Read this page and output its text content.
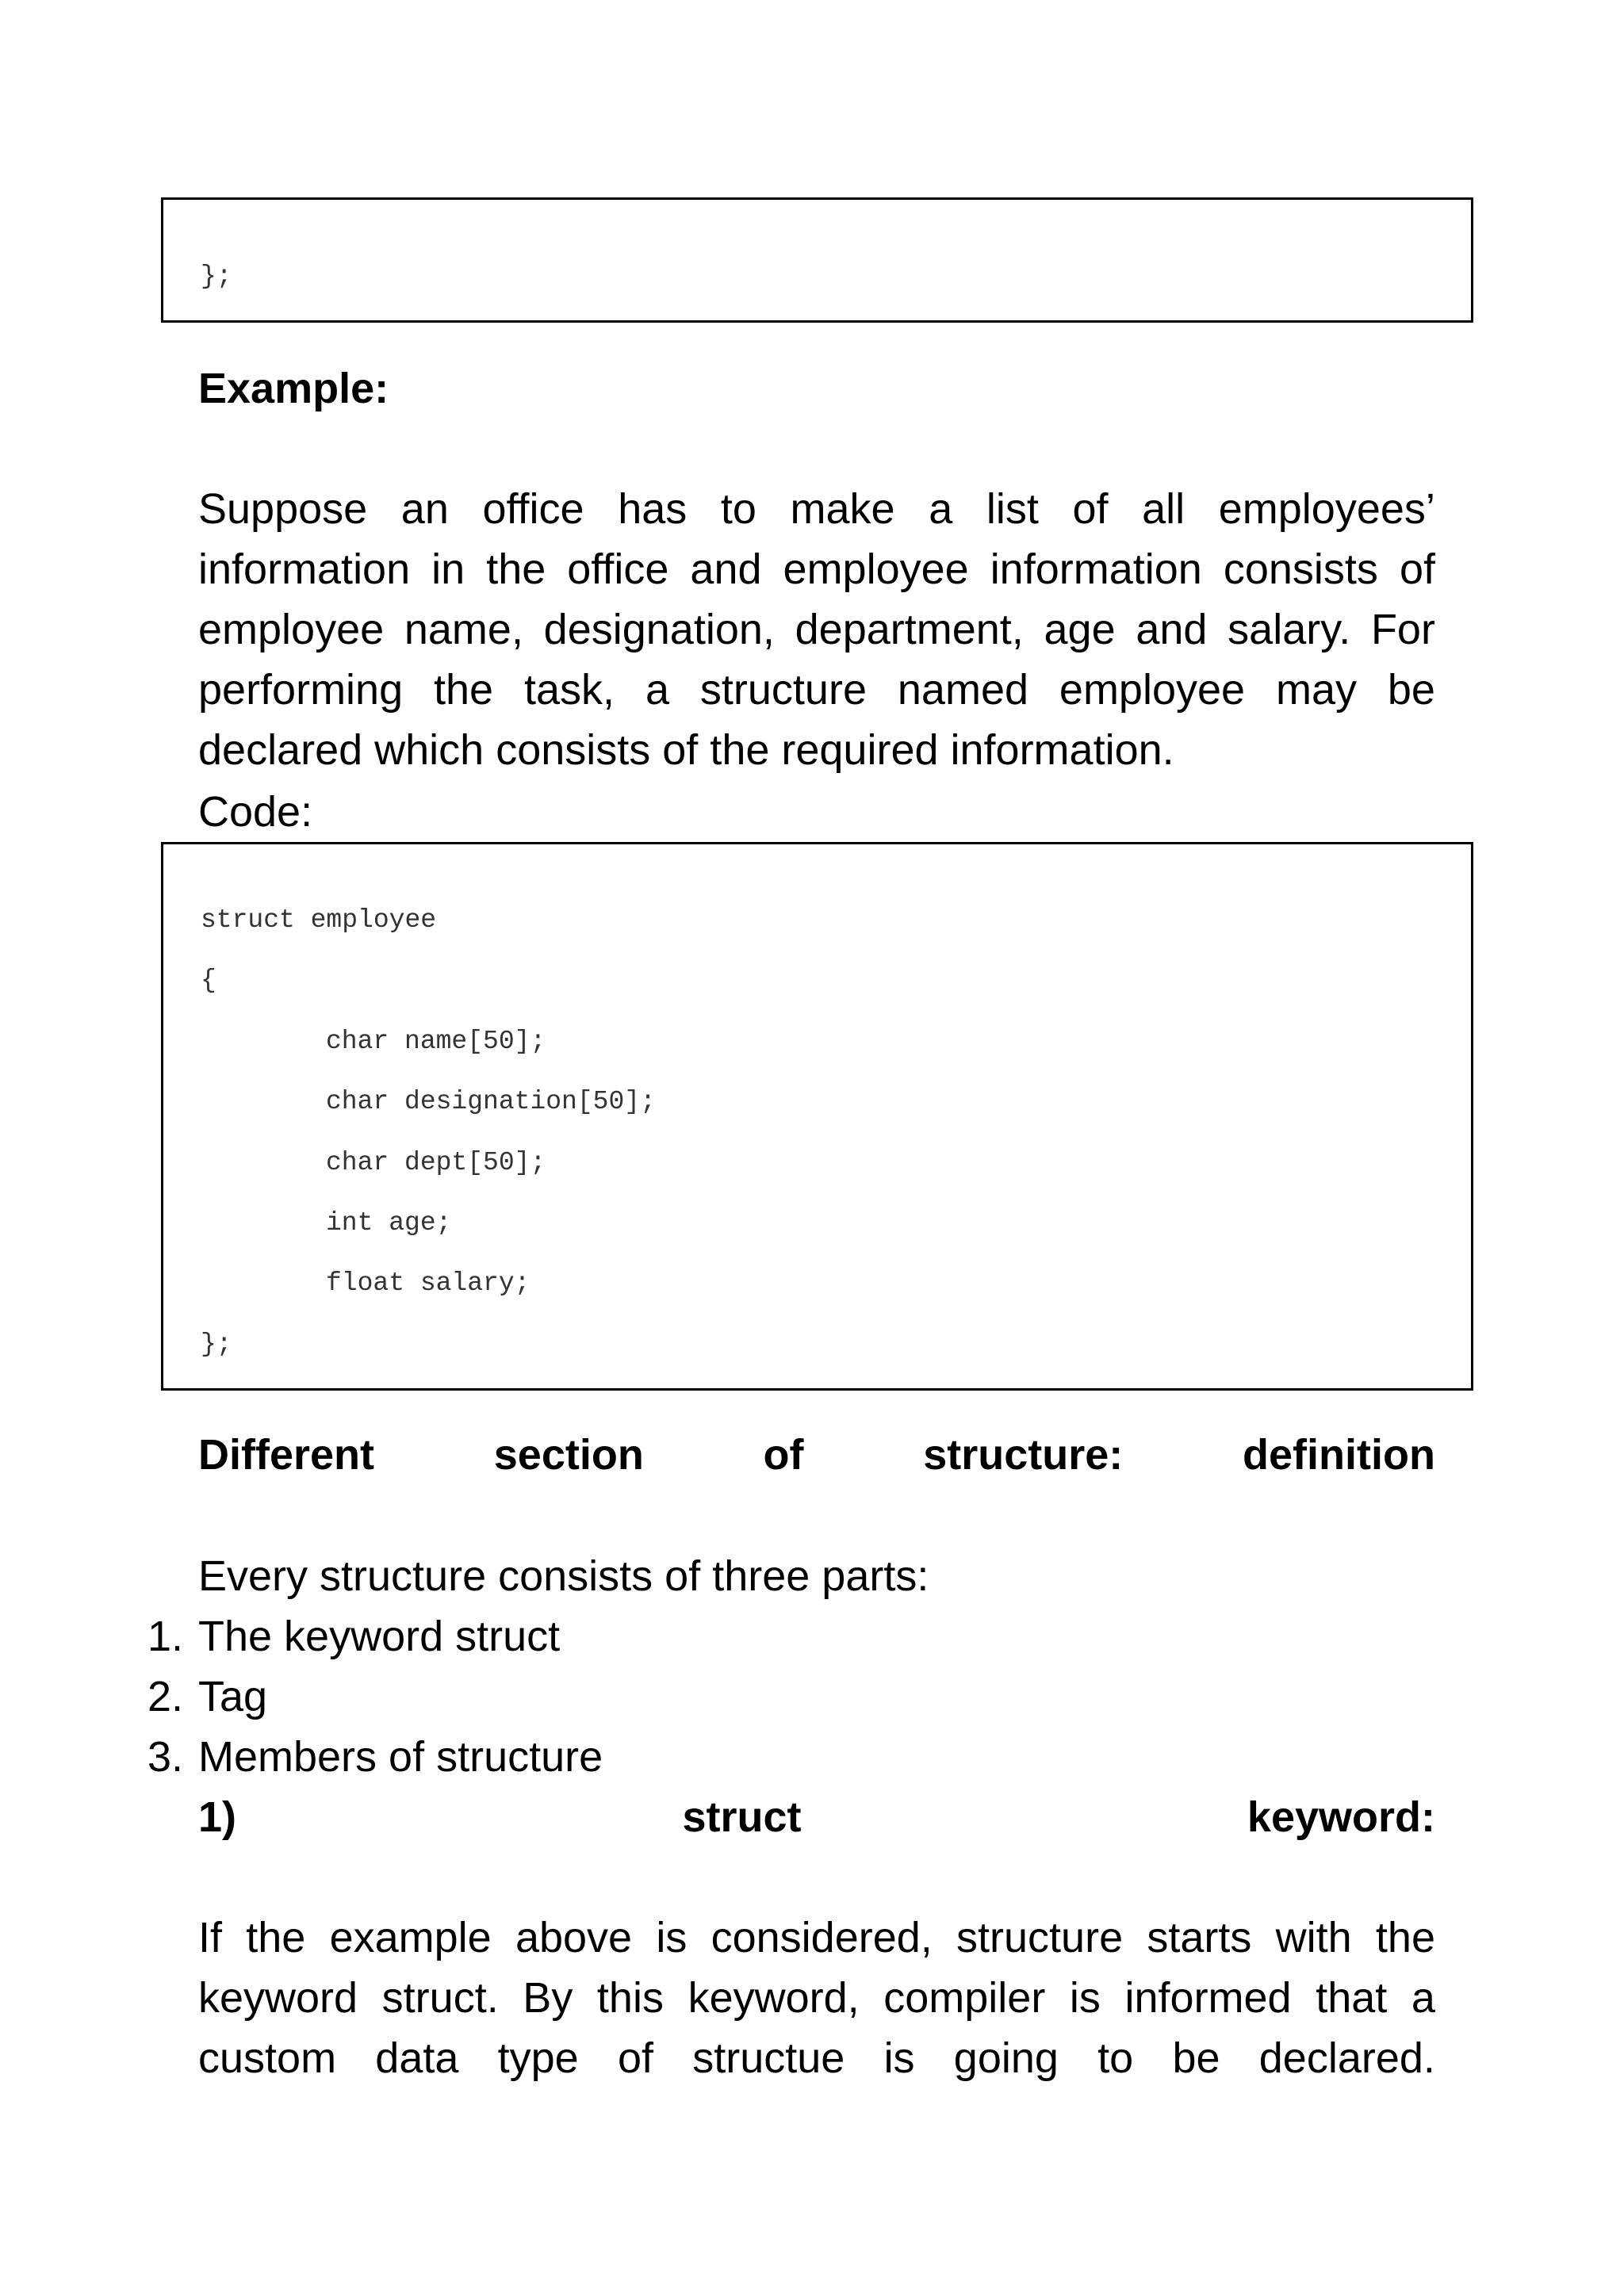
};
Example:
Suppose an office has to make a list of all employees’
information in the office and employee information consists of
employee name, designation, department, age and salary. For
performing the task, a structure named employee may be
declared which consists of the required information.
Code:
struct employee
{
char name[50];
char designation[50];
char dept[50];
int age;
float salary;
};
Different	section	of	structure:	definition
Every structure consists of three parts:
1. The keyword struct
2. Tag
3. Members of structure
1)	struct	keyword:
If the example above is considered, structure starts with the
keyword struct. By this keyword, compiler is informed that a
custom data type of structue is going to be declared.
